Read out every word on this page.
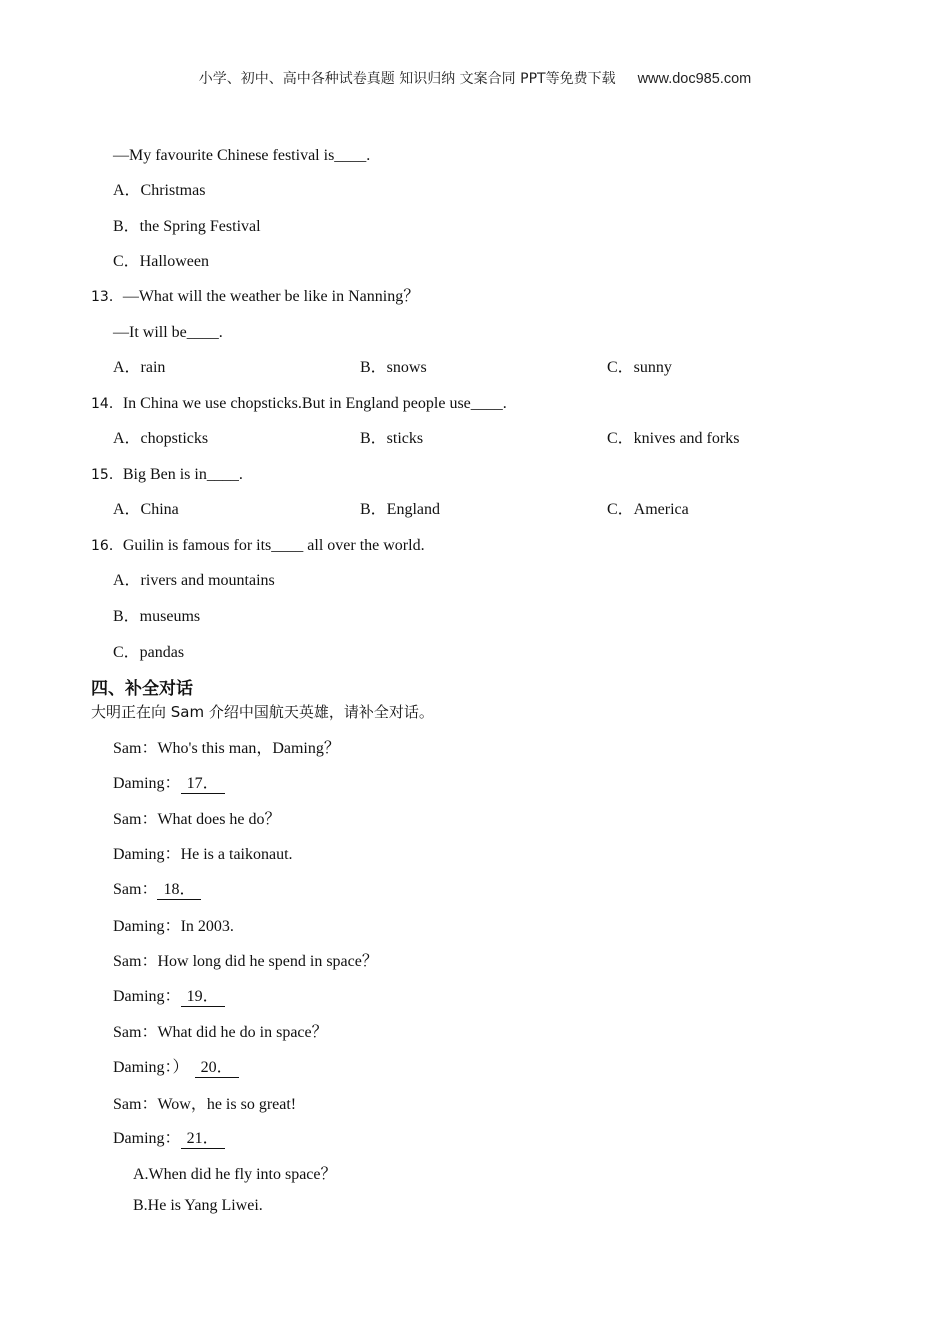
小学、初中、高中各种试卷真题 知识归纳 文案合同 PPT等免费下载 www.doc985.com
—My favourite Chinese festival is____.
A．Christmas
B．the Spring Festival
C．Halloween
13．—What will the weather be like in Nanning？
—It will be____.
A．rain	B．snows	C．sunny
14．In China we use chopsticks.But in England people use____.
A．chopsticks	B．sticks	C．knives and forks
15．Big Ben is in____.
A．China	B．England	C．America
16．Guilin is famous for its____ all over the world.
A．rivers and mountains
B．museums
C．pandas
四、补全对话
大明正在向 Sam 介绍中国航天英雄，请补全对话。
Sam：Who's this man，Daming？
Daming： 17．
Sam：What does he do？
Daming：He is a taikonaut.
Sam： 18．
Daming：In 2003.
Sam：How long did he spend in space？
Daming： 19．
Sam：What did he do in space？
Daming：） 20．
Sam：Wow，he is so great!
Daming： 21．
A.When did he fly into space？
B.He is Yang Liwei.
